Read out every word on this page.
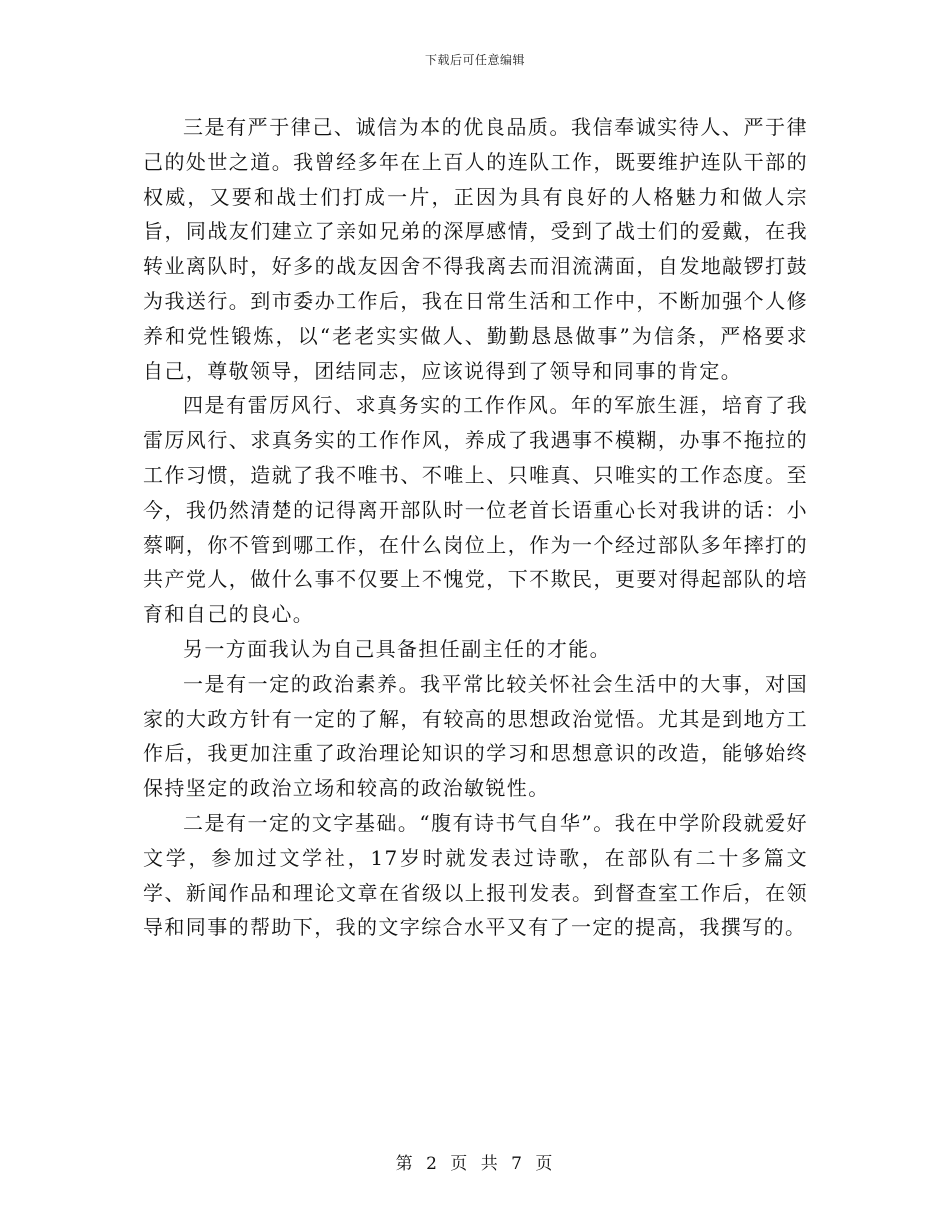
下载后可任意编辑

三是有严于律己、诚信为本的优良品质。我信奉诚实待人、严于律己的处世之道。我曾经多年在上百人的连队工作，既要维护连队干部的权威，又要和战士们打成一片，正因为具有良好的人格魅力和做人宗旨，同战友们建立了亲如兄弟的深厚感情，受到了战士们的爱戴，在我转业离队时，好多的战友因舍不得我离去而泪流满面，自发地敲锣打鼓为我送行。到市委办工作后，我在日常生活和工作中，不断加强个人修养和党性锻炼，以“老老实实做人、勤勤恳恳做事”为信条，严格要求自己，尊敬领导，团结同志，应该说得到了领导和同事的肯定。

四是有雷厉风行、求真务实的工作作风。年的军旅生涯，培育了我雷厉风行、求真务实的工作作风，养成了我遇事不模糊，办事不拖拉的工作习惯，造就了我不唯书、不唯上、只唯真、只唯实的工作态度。至今，我仍然清楚的记得离开部队时一位老首长语重心长对我讲的话：小蔡啊，你不管到哪工作，在什么岗位上，作为一个经过部队多年摔打的共产党人，做什么事不仅要上不愧党，下不欺民，更要对得起部队的培育和自己的良心。

另一方面我认为自己具备担任副主任的才能。

一是有一定的政治素养。我平常比较关怀社会生活中的大事，对国家的大政方针有一定的了解，有较高的思想政治觉悟。尤其是到地方工作后，我更加注重了政治理论知识的学习和思想意识的改造，能够始终保持坚定的政治立场和较高的政治敏锐性。

二是有一定的文字基础。“腹有诗书气自华”。我在中学阶段就爱好文学，参加过文学社，17岁时就发表过诗歌，在部队有二十多篇文学、新闻作品和理论文章在省级以上报刊发表。到督查室工作后，在领导和同事的帮助下，我的文字综合水平又有了一定的提高，我撰写的。

第 2 页 共 7 页
